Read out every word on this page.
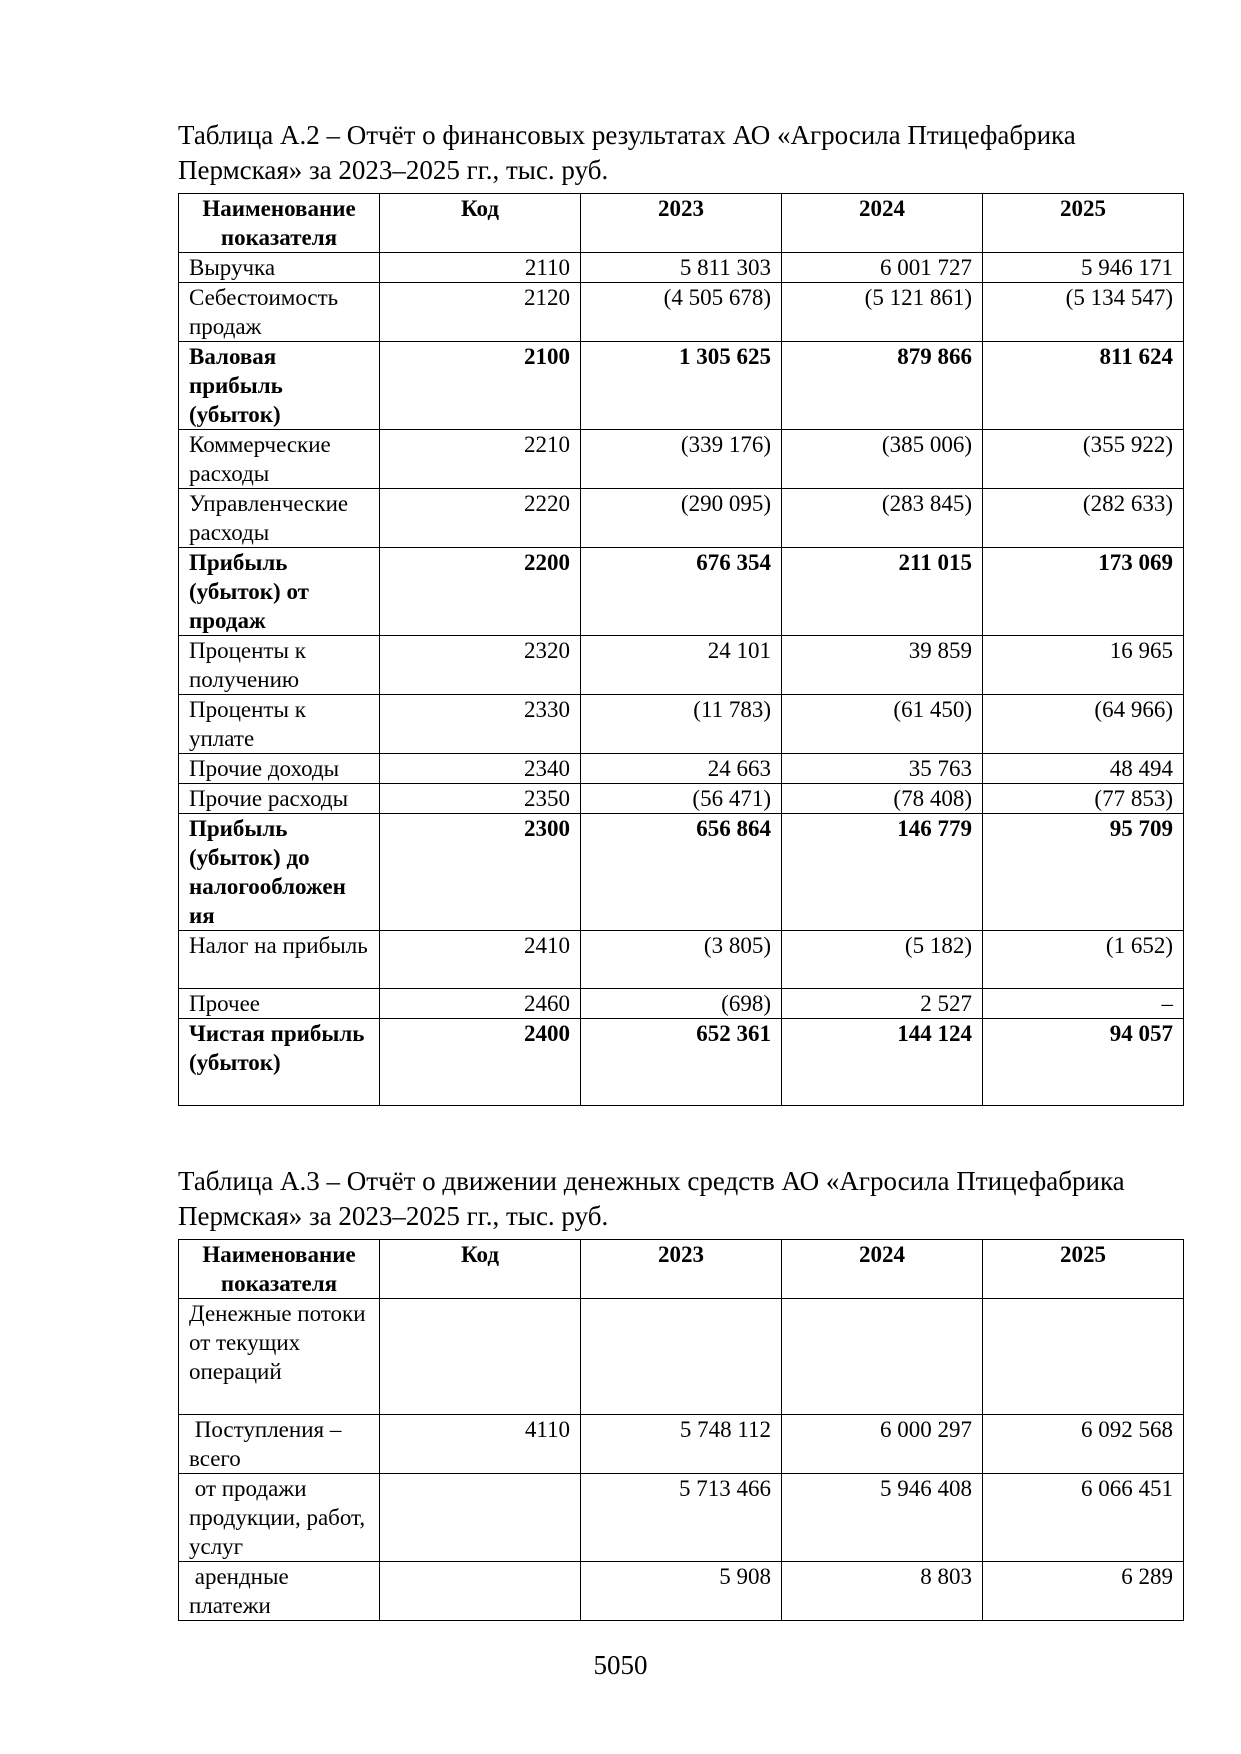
Таблица А.2 – Отчёт о финансовых результатах АО «Агросила Птицефабрика Пермская» за 2023–2025 гг., тыс. руб.
Наименование показателя	Код	2023	2024	2025
Выручка	2110	5 811 303	6 001 727	5 946 171
Себестоимость продаж	2120	(4 505 678)	(5 121 861)	(5 134 547)
Валовая прибыль (убыток)	2100	1 305 625	879 866	811 624
Коммерческие расходы	2210	(339 176)	(385 006)	(355 922)
Управленческие расходы	2220	(290 095)	(283 845)	(282 633)
Прибыль (убыток) от продаж	2200	676 354	211 015	173 069
Проценты к получению	2320	24 101	39 859	16 965
Проценты к уплате	2330	(11 783)	(61 450)	(64 966)
Прочие доходы	2340	24 663	35 763	48 494
Прочие расходы	2350	(56 471)	(78 408)	(77 853)
Прибыль (убыток) до налогообложен ия	2300	656 864	146 779	95 709
Налог на прибыль	2410	(3 805)	(5 182)	(1 652)
Прочее	2460	(698)	2 527	–
Чистая прибыль (убыток)	2400	652 361	144 124	94 057
Таблица А.3 – Отчёт о движении денежных средств АО «Агросила Птицефабрика Пермская» за 2023–2025 гг., тыс. руб.
Наименование показателя	Код	2023	2024	2025
Денежные потоки от текущих операций				
Поступления – всего	4110	5 748 112	6 000 297	6 092 568
от продажи продукции, работ, услуг		5 713 466	5 946 408	6 066 451
арендные платежи		5 908	8 803	6 289
5050
